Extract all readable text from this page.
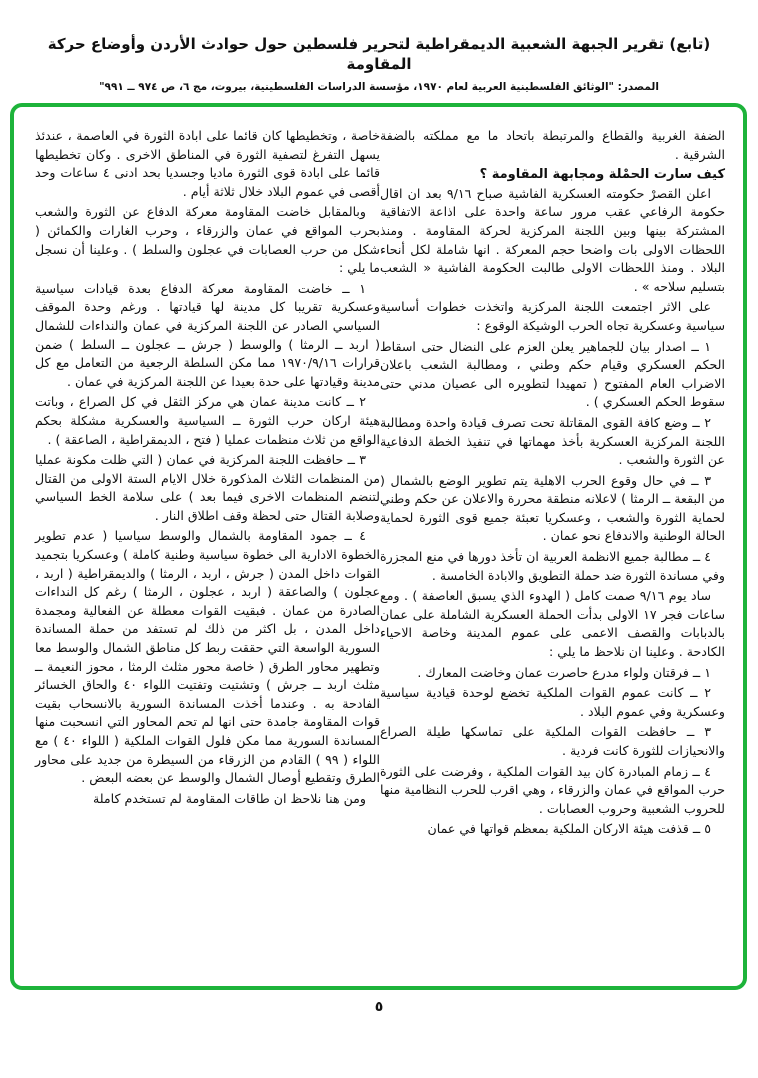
(تابع) تقرير الجبهة الشعبية الديمقراطية لتحرير فلسطين حول حوادث الأردن وأوضاع حركة المقاومة
المصدر: "الوثائق الفلسطينية العربية لعام ١٩٧٠، مؤسسة الدراسات الفلسطينية، بيروت، مج ٦، ص ٩٧٤ ــ ٩٩١"

الضفة الغربية والقطاع والمرتبطة باتحاد ما مع مملكته بالضفة الشرقية .

كيف سارت الحمْلة ومجابهة المقاومة ؟

اعلن القصرْ حكومته العسكرية الفاشية صباح ٩/١٦ بعد ان اقال حكومة الرفاعي عقب مرور ساعة واحدة على اذاعة الاتفاقية المشتركة بينها وبين اللجنة المركزية لحركة المقاومة . ومنذ اللحظات الاولى بات واضحا حجم المعركة . انها شاملة لكل أنحاء البلاد . ومنذ اللحظات الاولى طالبت الحكومة الفاشية « الشعب بتسليم سلاحه » .

على الاثر اجتمعت اللجنة المركزية واتخذت خطوات أساسية سياسية وعسكرية تجاه الحرب الوشيكة الوقوع :

١ ــ اصدار بيان للجماهير يعلن العزم على النضال حتى اسقاط الحكم العسكري وقيام حكم وطني ، ومطالبة الشعب باعلان الاضراب العام المفتوح ( تمهيدا لتطويره الى عصيان مدني حتى سقوط الحكم العسكري ) .

٢ ــ وضع كافة القوى المقاتلة تحت تصرف قيادة واحدة ومطالبة اللجنة المركزية العسكرية بأخذ مهماتها في تنفيذ الخطة الدفاعية عن الثورة والشعب .

٣ ــ في حال وقوع الحرب الاهلية يتم تطوير الوضع بالشمال ( من البقعة ــ الرمثا ) لاعلانه منطقة محررة والاعلان عن حكم وطني لحماية الثورة والشعب ، وعسكريا تعبئة جميع قوى الثورة لحماية الحالة الوطنية والاندفاع نحو عمان .

٤ ــ مطالبة جميع الانظمة العربية ان تأخذ دورها في منع المجزرة وفي مساندة الثورة ضد حملة التطويق والابادة الخامسة .

ساد يوم ٩/١٦ صمت كامل ( الهدوء الذي يسبق العاصفة ) . ومع ساعات فجر ١٧ الاولى بدأت الحملة العسكرية الشاملة على عمان بالدبابات والقصف الاعمى على عموم المدينة وخاصة الاحياء الكادحة . وعلينا ان نلاحظ ما يلي :

١ ــ فرقتان ولواء مدرع حاصرت عمان وخاضت المعارك .

٢ ــ كانت عموم القوات الملكية تخضع لوحدة قيادية سياسية وعسكرية وفي عموم البلاد .

٣ ــ حافظت القوات الملكية على تماسكها طيلة الصراع والانحيازات للثورة كانت فردية .

٤ ــ زمام المبادرة كان بيد القوات الملكية ، وفرضت على الثورة حرب المواقع في عمان والزرقاء ، وهي اقرب للحرب النظامية منها للحروب الشعبية وحروب العصابات .

٥ ــ قذفت هيئة الاركان الملكية بمعظم قواتها في عمان

خاصة ، وتخطيطها كان قائما على ابادة الثورة في العاصمة ، عندئذ يسهل التفرغ لتصفية الثورة في المناطق الاخرى . وكان تخطيطها قائما على ابادة قوى الثورة ماديا وجسديا بحد ادنى ٤ ساعات وحد أقصى في عموم البلاد خلال ثلاثة أيام .

وبالمقابل خاضت المقاومة معركة الدفاع عن الثورة والشعب بحرب المواقع في عمان والزرقاء ، وحرب الغارات والكمائن ( شكل من حرب العصابات في عجلون والسلط ) . وعلينا أن نسجل ما يلي :

١ ــ خاضت المقاومة معركة الدفاع بعدة قيادات سياسية وعسكرية تقريبا كل مدينة لها قيادتها . ورغم وحدة الموقف السياسي الصادر عن اللجنة المركزية في عمان والنداءات للشمال ( اربد ــ الرمثا ) والوسط ( جرش ــ عجلون ــ السلط ) ضمن قرارات ١٩٧٠/٩/١٦ مما مكن السلطة الرجعية من التعامل مع كل مدينة وقيادتها على حدة بعيدا عن اللجنة المركزية في عمان .

٢ ــ كانت مدينة عمان هي مركز الثقل في كل الصراع ، وباتت هيئة اركان حرب الثورة ــ السياسية والعسكرية مشكلة بحكم الواقع من ثلاث منظمات عمليا ( فتح ، الديمقراطية ، الصاعقة ) .

٣ ــ حافظت اللجنة المركزية في عمان ( التي ظلت مكونة عمليا من المنظمات الثلاث المذكورة خلال الايام الستة الاولى من القتال لتنضم المنظمات الاخرى فيما بعد ) على سلامة الخط السياسي وصلابة القتال حتى لحظة وقف اطلاق النار .

٤ ــ جمود المقاومة بالشمال والوسط سياسيا ( عدم تطوير الخطوة الادارية الى خطوة سياسية وطنية كاملة ) وعسكريا بتجميد القوات داخل المدن ( جرش ، اربد ، الرمثا ) والديمقراطية ( اربد ، عجلون ) والصاعقة ( اربد ، عجلون ، الرمثا ) رغم كل النداءات الصادرة من عمان . فبقيت القوات معطلة عن الفعالية ومجمدة داخل المدن ، بل اكثر من ذلك لم تستفد من حملة المساندة السورية الواسعة التي حققت ربط كل مناطق الشمال والوسط معا وتطهير محاور الطرق ( خاصة محور مثلث الرمثا ، محوز النعيمة ــ مثلث اربد ــ جرش ) وتشتيت وتفتيت اللواء ٤٠ والحاق الخسائر الفادحة به . وعندما أخذت المساندة السورية بالانسحاب بقيت قوات المقاومة جامدة حتى انها لم تحم المحاور التي انسحبت منها المساندة السورية مما مكن فلول القوات الملكية ( اللواء ٤٠ ) مع اللواء ( ٩٩ ) القادم من الزرقاء من السيطرة من جديد على محاور الطرق وتقطيع أوصال الشمال والوسط عن بعضه البعض .

ومن هنا نلاحظ ان طاقات المقاومة لم تستخدم كاملة

٥
